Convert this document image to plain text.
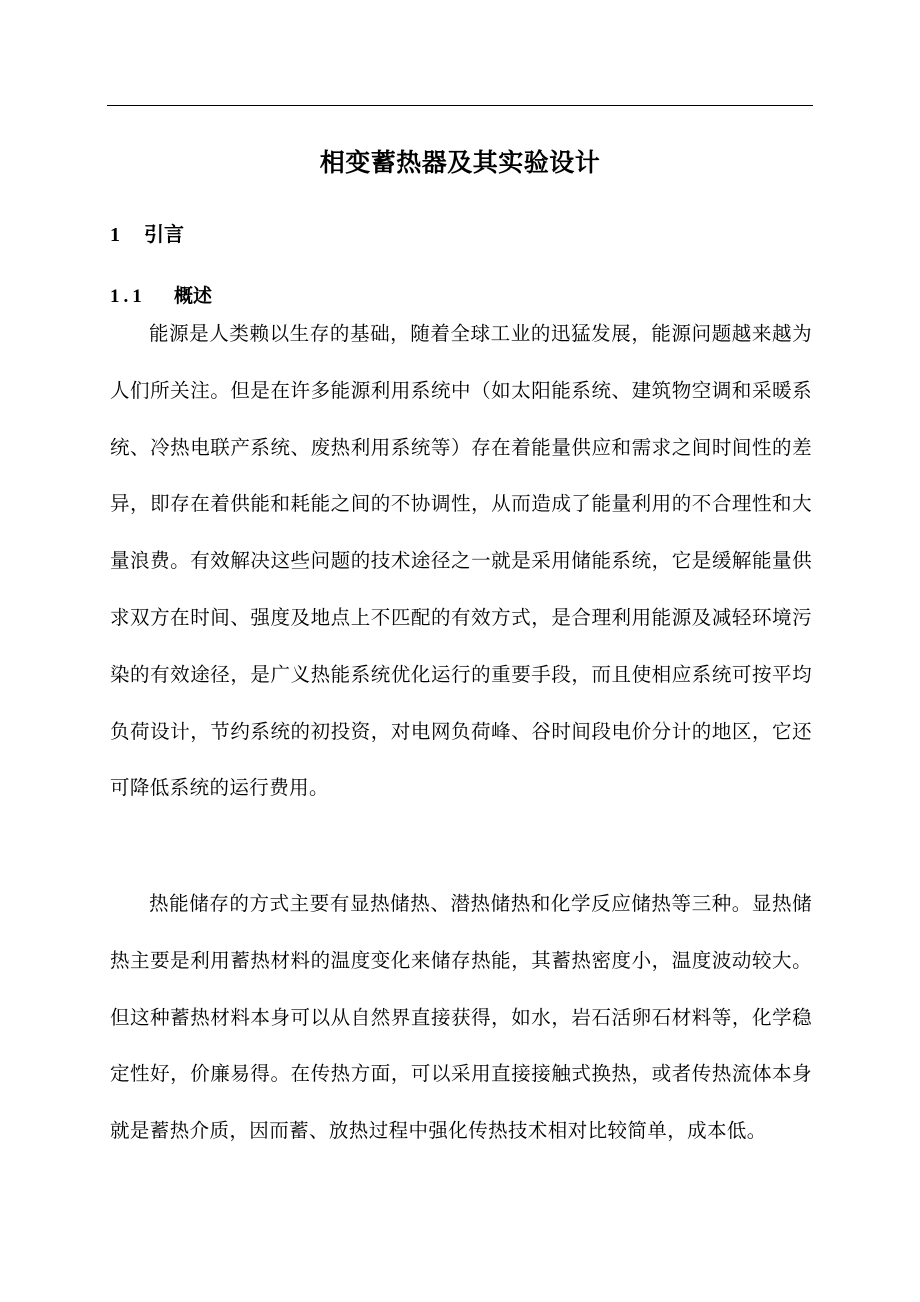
相变蓄热器及其实验设计
1 引言
1.1 概述

能源是人类赖以生存的基础，随着全球工业的迅猛发展，能源问题越来越为人们所关注。但是在许多能源利用系统中（如太阳能系统、建筑物空调和采暖系统、冷热电联产系统、废热利用系统等）存在着能量供应和需求之间时间性的差异，即存在着供能和耗能之间的不协调性，从而造成了能量利用的不合理性和大量浪费。有效解决这些问题的技术途径之一就是采用储能系统，它是缓解能量供求双方在时间、强度及地点上不匹配的有效方式，是合理利用能源及减轻环境污染的有效途径，是广义热能系统优化运行的重要手段，而且使相应系统可按平均负荷设计，节约系统的初投资，对电网负荷峰、谷时间段电价分计的地区，它还可降低系统的运行费用。

热能储存的方式主要有显热储热、潜热储热和化学反应储热等三种。显热储热主要是利用蓄热材料的温度变化来储存热能，其蓄热密度小，温度波动较大。但这种蓄热材料本身可以从自然界直接获得，如水，岩石活卵石材料等，化学稳定性好，价廉易得。在传热方面，可以采用直接接触式换热，或者传热流体本身就是蓄热介质，因而蓄、放热过程中强化传热技术相对比较简单，成本低。
